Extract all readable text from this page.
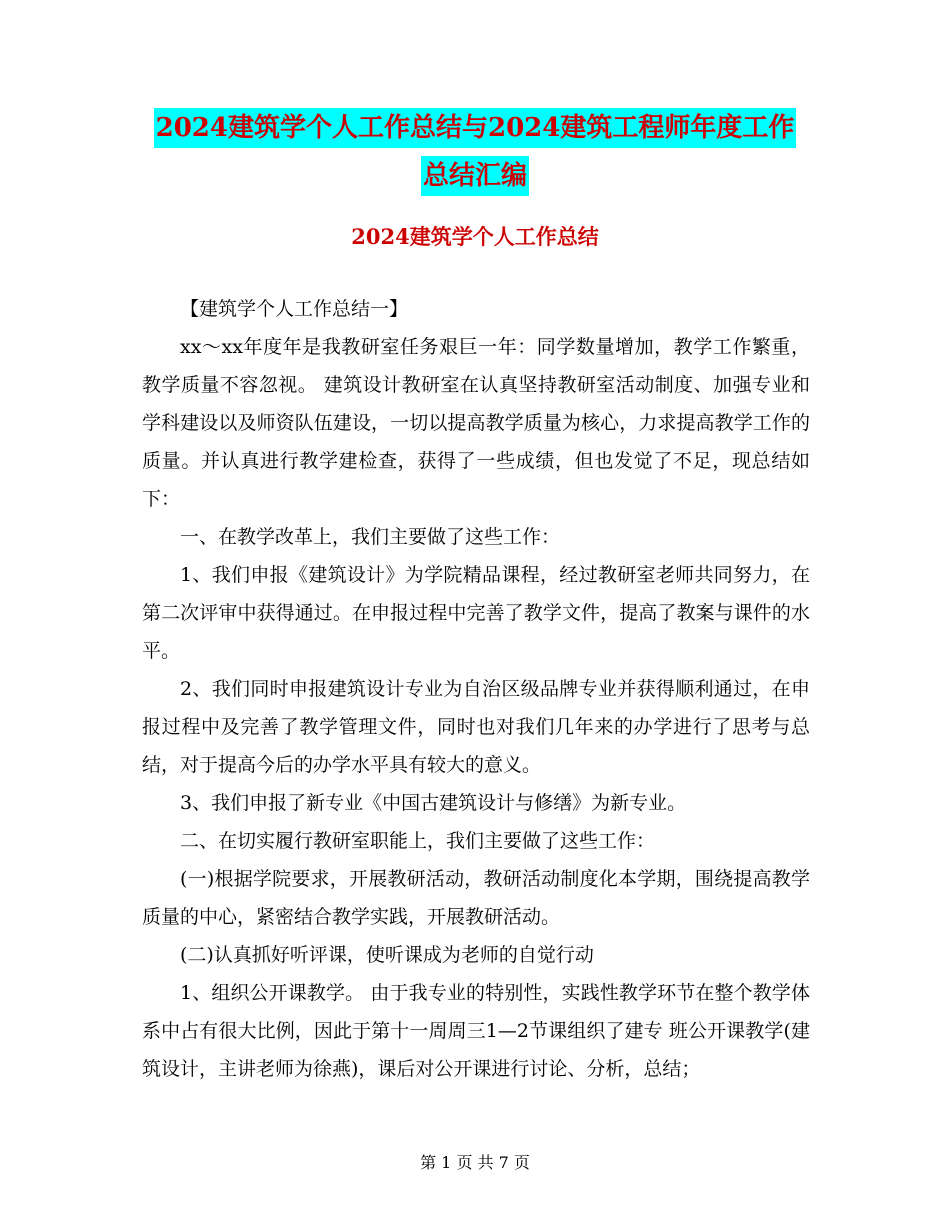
2024建筑学个人工作总结与2024建筑工程师年度工作
总结汇编
2024建筑学个人工作总结

【建筑学个人工作总结一】

xx～xx年度年是我教研室任务艰巨一年：同学数量增加，教学工作繁重，教学质量不容忽视。 建筑设计教研室在认真坚持教研室活动制度、加强专业和学科建设以及师资队伍建设，一切以提高教学质量为核心，力求提高教学工作的质量。并认真进行教学建检查，获得了一些成绩，但也发觉了不足，现总结如下：

一、在教学改革上，我们主要做了这些工作：

1、我们申报《建筑设计》为学院精品课程，经过教研室老师共同努力，在第二次评审中获得通过。在申报过程中完善了教学文件，提高了教案与课件的水平。

2、我们同时申报建筑设计专业为自治区级品牌专业并获得顺利通过，在申报过程中及完善了教学管理文件，同时也对我们几年来的办学进行了思考与总结，对于提高今后的办学水平具有较大的意义。

3、我们申报了新专业《中国古建筑设计与修缮》为新专业。

二、在切实履行教研室职能上，我们主要做了这些工作：

(一)根据学院要求，开展教研活动，教研活动制度化本学期，围绕提高教学质量的中心，紧密结合教学实践，开展教研活动。

(二)认真抓好听评课，使听课成为老师的自觉行动

1、组织公开课教学。 由于我专业的特别性，实践性教学环节在整个教学体系中占有很大比例，因此于第十一周周三1—2节课组织了建专 班公开课教学(建筑设计，主讲老师为徐燕)，课后对公开课进行讨论、分析，总结；

第 1 页 共 7 页
